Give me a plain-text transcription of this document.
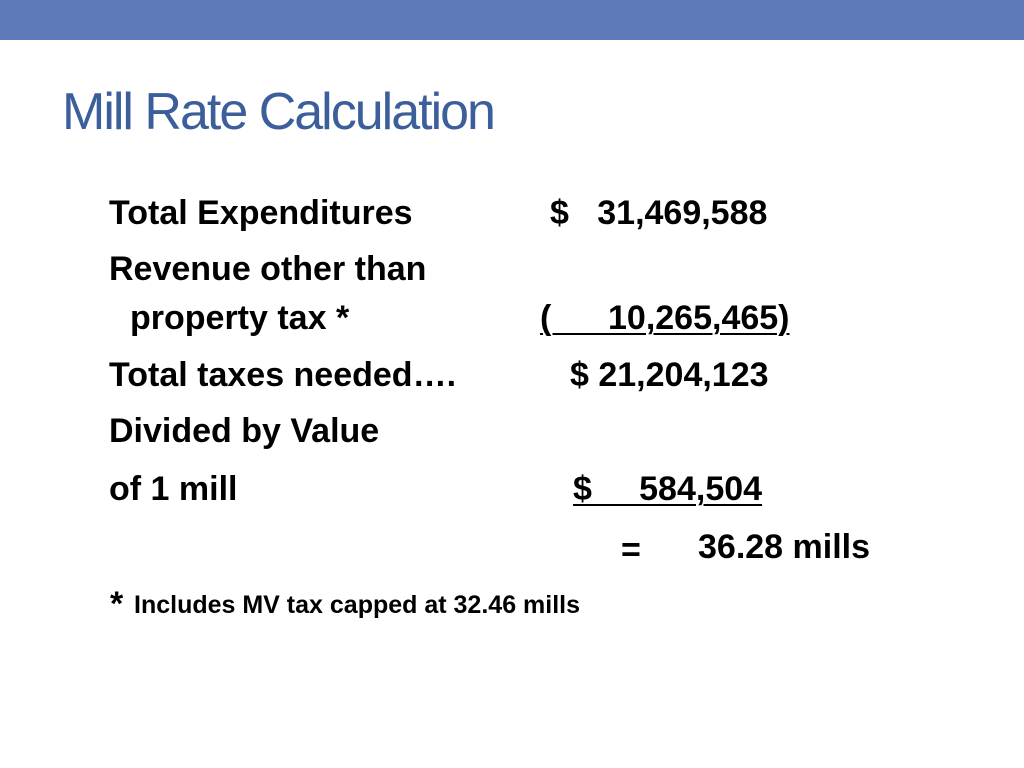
Mill Rate Calculation
Total Expenditures	$   31,469,588
Revenue other than
property tax *	(      10,265,465)
Total taxes needed….	$ 21,204,123
Divided by Value
of 1 mill	$     584,504
= 36.28 mills
* Includes MV tax capped at 32.46 mills
